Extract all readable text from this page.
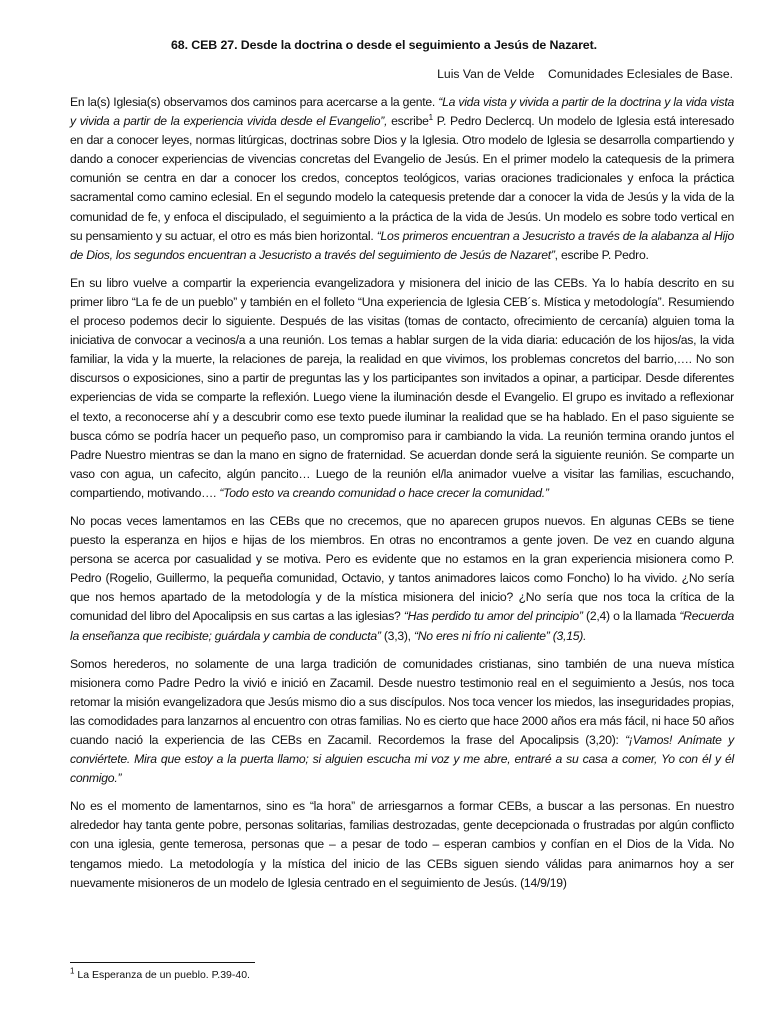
68. CEB 27. Desde la doctrina o desde el seguimiento a Jesús de Nazaret.

Luis Van de Velde    Comunidades Eclesiales de Base.

En la(s) Iglesia(s) observamos dos caminos para acercarse a la gente. “La vida vista y vivida a partir de la doctrina y la vida vista y vivida a partir de la experiencia vivida desde el Evangelio”, escribe$^1$ P. Pedro Declercq. Un modelo de Iglesia está interesado en dar a conocer leyes, normas litúrgicas, doctrinas sobre Dios y la Iglesia. Otro modelo de Iglesia se desarrolla compartiendo y dando a conocer experiencias de vivencias concretas del Evangelio de Jesús. En el primer modelo la catequesis de la primera comunión se centra en dar a conocer los credos, conceptos teológicos, varias oraciones tradicionales y enfoca la práctica sacramental como camino eclesial. En el segundo modelo la catequesis pretende dar a conocer la vida de Jesús y la vida de la comunidad de fe, y enfoca el discipulado, el seguimiento a la práctica de la vida de Jesús. Un modelo es sobre todo vertical en su pensamiento y su actuar, el otro es más bien horizontal. “Los primeros encuentran a Jesucristo a través de la alabanza al Hijo de Dios, los segundos encuentran a Jesucristo a través del seguimiento de Jesús de Nazaret”, escribe P. Pedro.

En su libro vuelve a compartir la experiencia evangelizadora y misionera del inicio de las CEBs. Ya lo había descrito en su primer libro “La fe de un pueblo” y también en el folleto “Una experiencia de Iglesia CEB´s. Mística y metodología”. Resumiendo el proceso podemos decir lo siguiente. Después de las visitas (tomas de contacto, ofrecimiento de cercanía) alguien toma la iniciativa de convocar a vecinos/a a una reunión. Los temas a hablar surgen de la vida diaria: educación de los hijos/as, la vida familiar, la vida y la muerte, la relaciones de pareja, la realidad en que vivimos, los problemas concretos del barrio,…. No son discursos o exposiciones, sino a partir de preguntas las y los participantes son invitados a opinar, a participar. Desde diferentes experiencias de vida se comparte la reflexión. Luego viene la iluminación desde el Evangelio. El grupo es invitado a reflexionar el texto, a reconocerse ahí y a descubrir como ese texto puede iluminar la realidad que se ha hablado. En el paso siguiente se busca cómo se podría hacer un pequeño paso, un compromiso para ir cambiando la vida. La reunión termina orando juntos el Padre Nuestro mientras se dan la mano en signo de fraternidad. Se acuerdan donde será la siguiente reunión. Se comparte un vaso con agua, un cafecito, algún pancito… Luego de la reunión el/la animador vuelve a visitar las familias, escuchando, compartiendo, motivando…. “Todo esto va creando comunidad o hace crecer la comunidad.”

No pocas veces lamentamos en las CEBs que no crecemos, que no aparecen grupos nuevos. En algunas CEBs se tiene puesto la esperanza en hijos e hijas de los miembros. En otras no encontramos a gente joven. De vez en cuando alguna persona se acerca por casualidad y se motiva. Pero es evidente que no estamos en la gran experiencia misionera como P. Pedro (Rogelio, Guillermo, la pequeña comunidad, Octavio, y tantos animadores laicos como Foncho) lo ha vivido. ¿No sería que nos hemos apartado de la metodología y de la mística misionera del inicio? ¿No sería que nos toca la crítica de la comunidad del libro del Apocalipsis en sus cartas a las iglesias? “Has perdido tu amor del principio” (2,4) o la llamada “Recuerda la enseñanza que recibiste; guárdala y cambia de conducta” (3,3), “No eres ni frío ni caliente” (3,15).

Somos herederos, no solamente de una larga tradición de comunidades cristianas, sino también de una nueva mística misionera como Padre Pedro la vivió e inició en Zacamil. Desde nuestro testimonio real en el seguimiento a Jesús, nos toca retomar la misión evangelizadora que Jesús mismo dio a sus discípulos. Nos toca vencer los miedos, las inseguridades propias, las comodidades para lanzarnos al encuentro con otras familias. No es cierto que hace 2000 años era más fácil, ni hace 50 años cuando nació la experiencia de las CEBs en Zacamil. Recordemos la frase del Apocalipsis (3,20): “¡Vamos! Anímate y conviértete. Mira que estoy a la puerta llamo; si alguien escucha mi voz y me abre, entraré a su casa a comer, Yo con él y él conmigo.”

No es el momento de lamentarnos, sino es “la hora” de arriesgarnos a formar CEBs, a buscar a las personas. En nuestro alrededor hay tanta gente pobre, personas solitarias, familias destrozadas, gente decepcionada o frustradas por algún conflicto con una iglesia, gente temerosa, personas que – a pesar de todo – esperan cambios y confían en el Dios de la Vida. No tengamos miedo. La metodología y la mística del inicio de las CEBs siguen siendo válidas para animarnos hoy a ser nuevamente misioneros de un modelo de Iglesia centrado en el seguimiento de Jesús. (14/9/19)

$^1$ La Esperanza de un pueblo. P.39-40.
